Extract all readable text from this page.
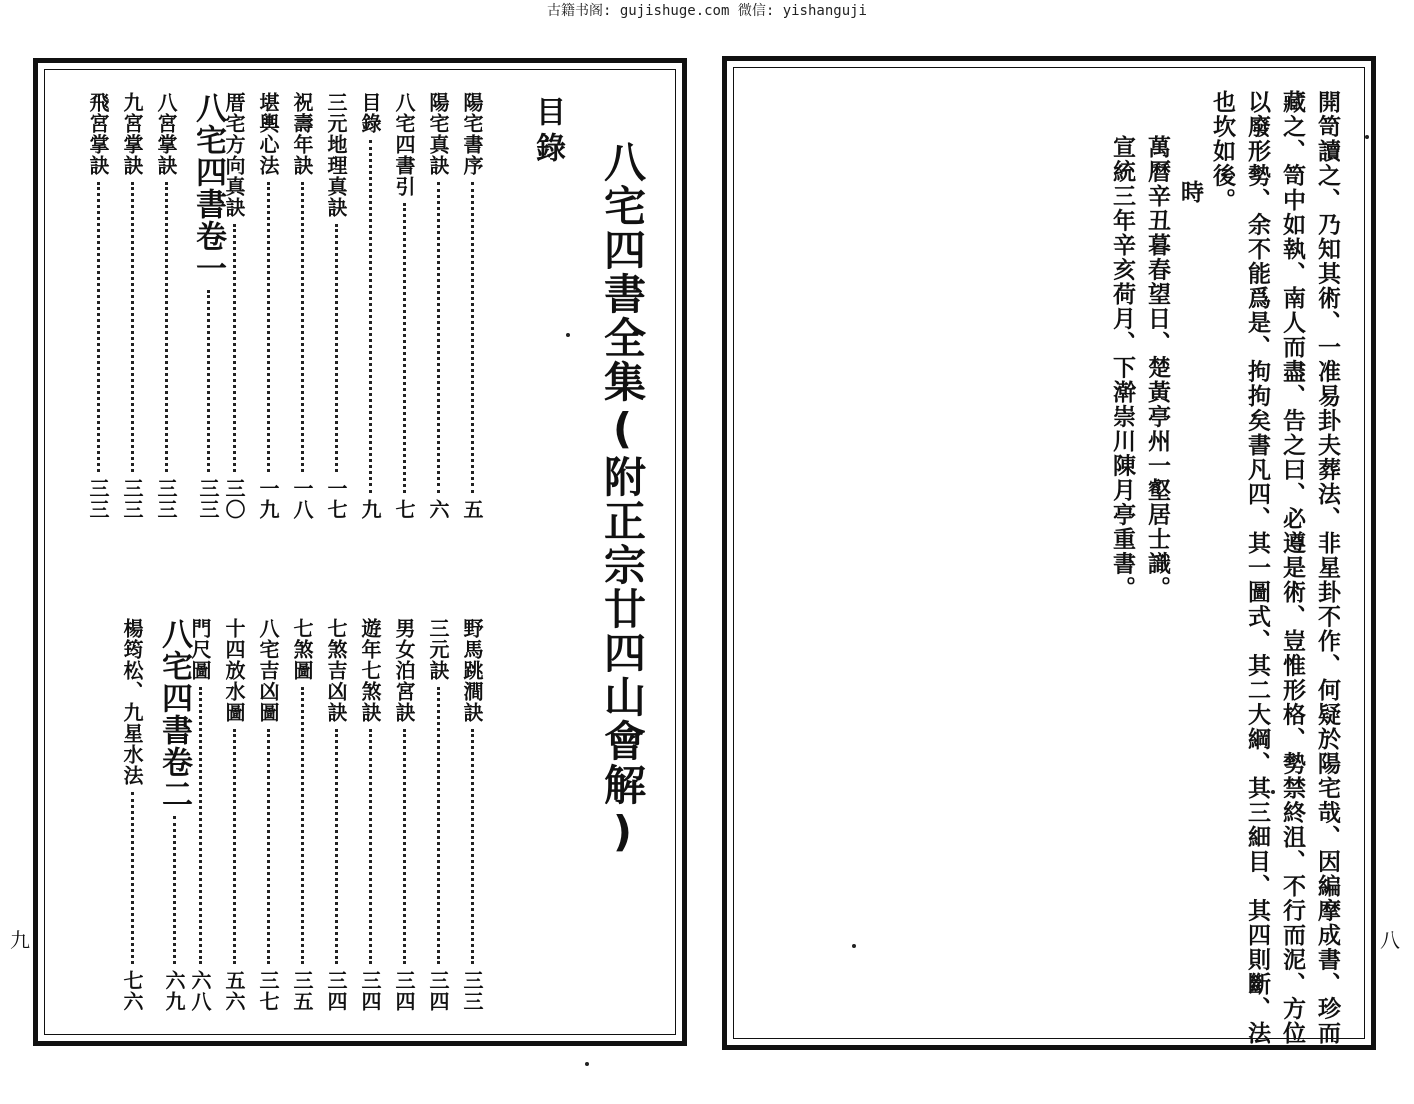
古籍书阁: gujishuge.com 微信: yishanguji
九
八宅四書全集(附正宗廿四山會解)
目錄
陽宅書序
五
陽宅真訣
六
八宅四書引
七
目錄
九
三元地理真訣
一七
祝壽年訣
一八
堪輿心法
一九
厝宅方向真訣
三〇
八宅四書卷一
三三
八宮掌訣
三三
九宮掌訣
三三
飛宮掌訣
三三
野馬跳澗訣
三三
三元訣
三四
男女泊宮訣
三四
遊年七煞訣
三四
七煞吉凶訣
三四
七煞圖
三五
八宅吉凶圖
三七
十四放水圖
五六
門尺圖
六八
八宅四書卷二
六九
楊筠松、九星水法
七六
八
開笥讀之、乃知其術、一准易卦夫葬法、非星卦不作、何疑於陽宅哉、因編摩成書、珍而
藏之、笥中如執、南人而盡、告之曰、必遵是術、豈惟形格、勢禁終沮、不行而泥、方位
以廢形勢、余不能爲是、拘拘矣書凡四、其一圖式、其二大綱、其三細目、其四則斷、法
也坎如後。
時
萬曆辛丑暮春望日、楚黃亭州一壑居士識。
宣統三年辛亥荷月、下澣崇川陳月亭重書。
